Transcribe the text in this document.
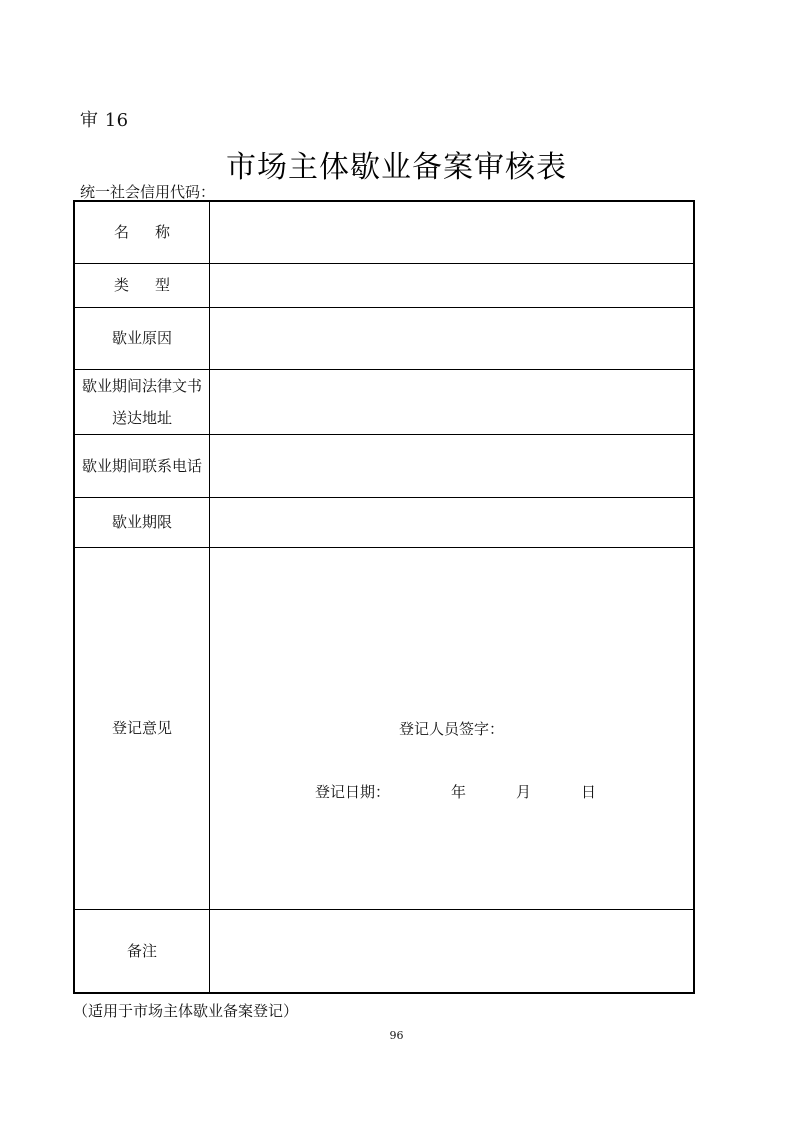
审 16
市场主体歇业备案审核表
统一社会信用代码：
名称	
类型	
歇业原因	
歇业期间法律文书送达地址	
歇业期间联系电话	
歇业期限	
登记意见	登记人员签字：
登记日期： 年 月 日

备注	
（适用于市场主体歇业备案登记）
96
